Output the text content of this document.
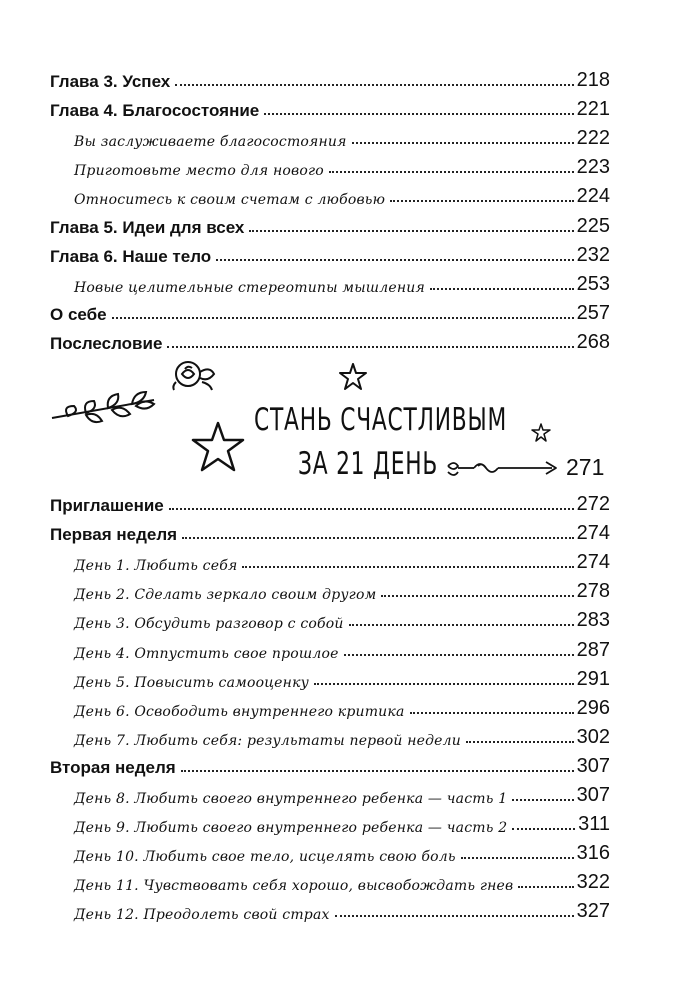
Глава 3. Успех	218
Глава 4. Благосостояние	221
Вы заслуживаете благосостояния	222
Приготовьте место для нового	223
Относитесь к своим счетам с любовью	224
Глава 5. Идеи для всех	225
Глава 6. Наше тело	232
Новые целительные стереотипы мышления	253
О себе	257
Послесловие	268
СТАНЬ СЧАСТЛИВЫМ
ЗА 21 ДЕНЬ	271
Приглашение	272
Первая неделя	274
День 1. Любить себя	274
День 2. Сделать зеркало своим другом	278
День 3. Обсудить разговор с собой	283
День 4. Отпустить свое прошлое	287
День 5. Повысить самооценку	291
День 6. Освободить внутреннего критика	296
День 7. Любить себя: результаты первой недели	302
Вторая неделя	307
День 8. Любить своего внутреннего ребенка — часть 1	307
День 9. Любить своего внутреннего ребенка — часть 2	311
День 10. Любить свое тело, исцелять свою боль	316
День 11. Чувствовать себя хорошо, высвобождать гнев	322
День 12. Преодолеть свой страх	327
